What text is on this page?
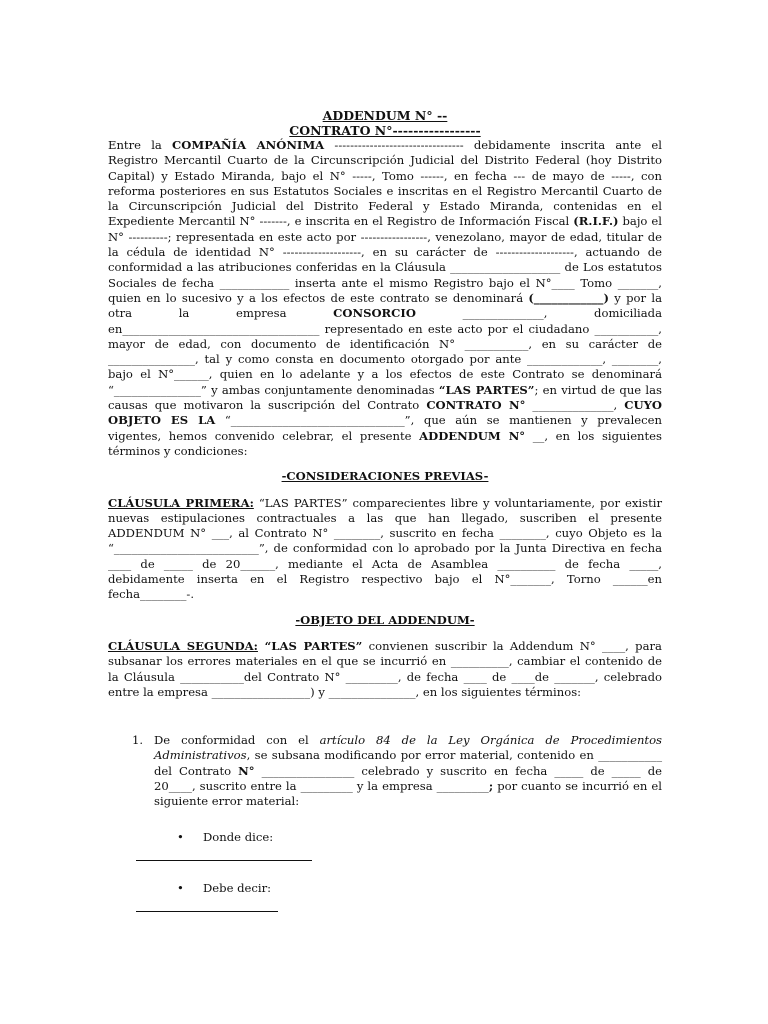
ADDENDUM N° --

CONTRATO N°-----------------

Entre la COMPAÑÍA ANÓNIMA --------------------------------- debidamente inscrita ante el Registro Mercantil Cuarto de la Circunscripción Judicial del Distrito Federal (hoy Distrito Capital) y Estado Miranda, bajo el N° -----, Tomo ------, en fecha --- de mayo de -----, con reforma posteriores en sus Estatutos Sociales e inscritas en el Registro Mercantil Cuarto de la Circunscripción Judicial del Distrito Federal y Estado Miranda, contenidas en el Expediente Mercantil N° -------, e inscrita en el Registro de Información Fiscal (R.I.F.) bajo el N° ----------; representada en este acto por -----------------, venezolano, mayor de edad, titular de la cédula de identidad N° --------------------, en su carácter de --------------------, actuando de conformidad a las atribuciones conferidas en la Cláusula ___________________ de Los estatutos Sociales de fecha ____________ inserta ante el mismo Registro bajo el N°____ Tomo _______, quien en lo sucesivo y a los efectos de este contrato se denominará (____________) y por la otra la empresa CONSORCIO ______________, domiciliada en__________________________________ representado en este acto por el ciudadano ___________, mayor de edad, con documento de identificación N° ___________, en su carácter de _______________, tal y como consta en documento otorgado por ante _____________, ________, bajo el N°______, quien en lo adelante y a los efectos de este Contrato se denominará “_______________” y ambas conjuntamente denominadas “LAS PARTES”; en virtud de que las causas que motivaron la suscripción del Contrato CONTRATO N° ______________, CUYO OBJETO ES LA “______________________________”, que aún se mantienen y prevalecen vigentes, hemos convenido celebrar, el presente ADDENDUM N° __, en los siguientes términos y condiciones:

-CONSIDERACIONES PREVIAS-

CLÁUSULA PRIMERA: “LAS PARTES” comparecientes libre y voluntariamente, por existir nuevas estipulaciones contractuales a las que han llegado, suscriben el presente ADDENDUM N° ___, al Contrato N° ________, suscrito en fecha ________, cuyo Objeto es la “_________________________”, de conformidad con lo aprobado por la Junta Directiva en fecha ____ de _____ de 20______, mediante el Acta de Asamblea __________ de fecha _____, debidamente inserta en el Registro respectivo bajo el N°_______, Torno ______en fecha________-.

-OBJETO DEL ADDENDUM-

CLÁUSULA SEGUNDA: “LAS PARTES” convienen suscribir la Addendum N° ____, para subsanar los errores materiales en el que se incurrió en __________, cambiar el contenido de la Cláusula ___________del Contrato N° _________, de fecha ____ de ____de _______, celebrado entre la empresa _________________) y _______________, en los siguientes términos:

1. De conformidad con el artículo 84 de la Ley Orgánica de Procedimientos Administrativos, se subsana modificando por error material, contenido en ___________ del Contrato N° ________________ celebrado y suscrito en fecha _____ de _____ de 20____, suscrito entre la _________ y la empresa _________; por cuanto se incurrió en el siguiente error material:
• Donde dice:
• Debe decir:
